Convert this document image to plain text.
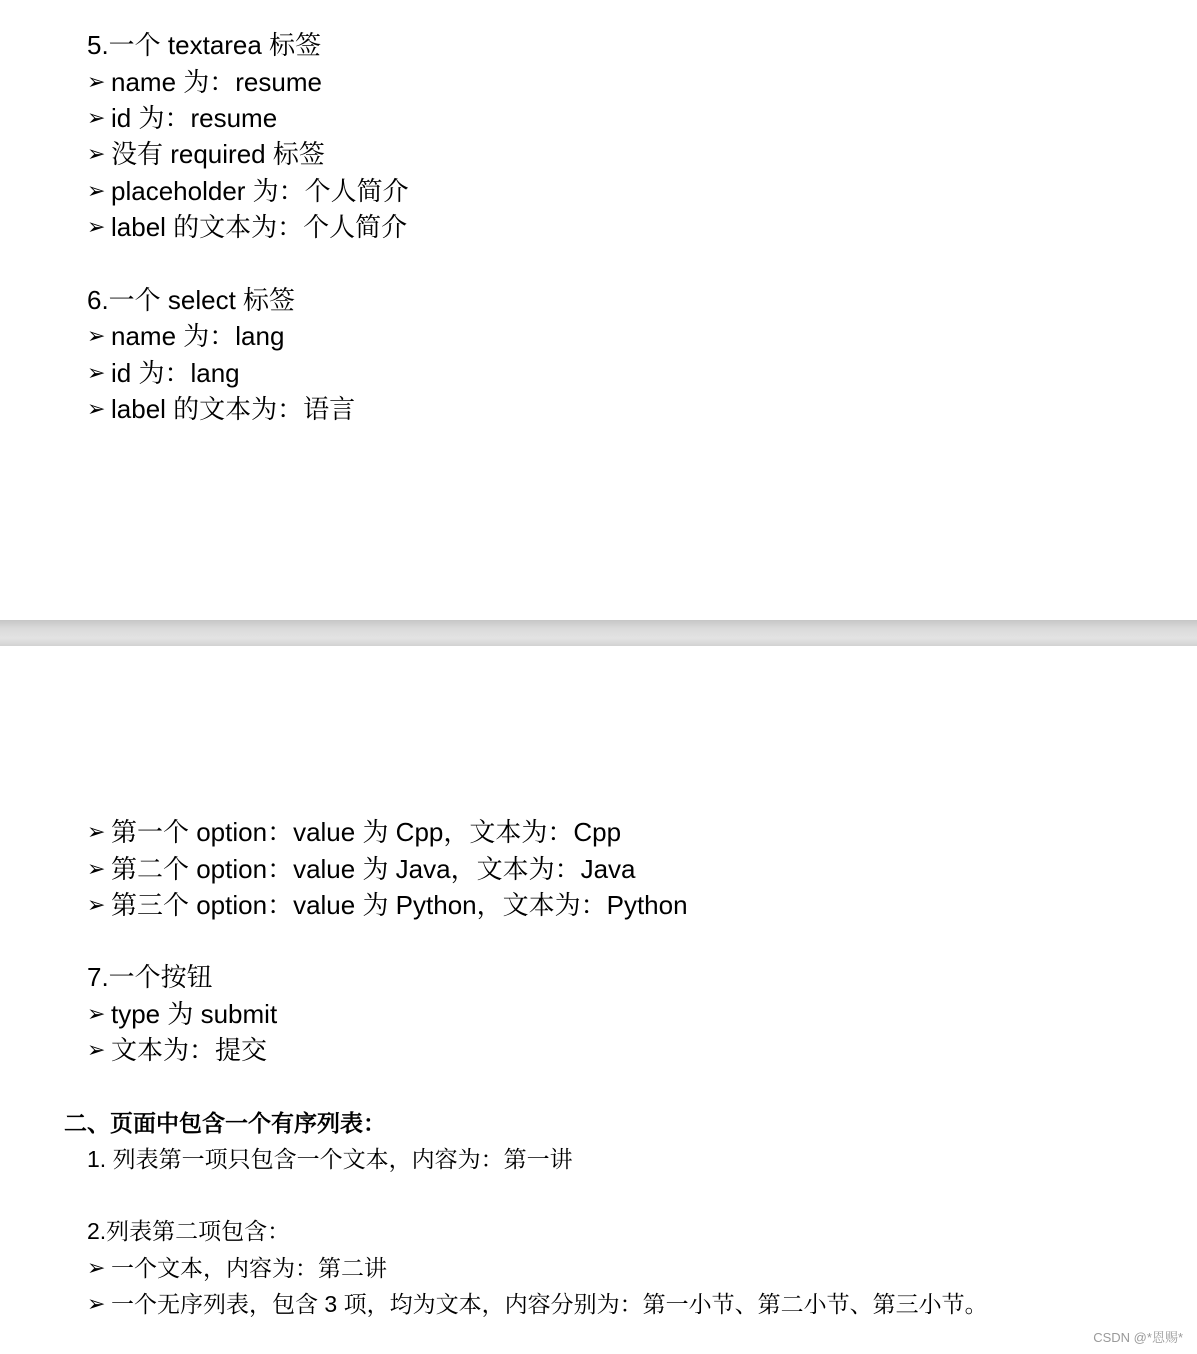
5.一个 textarea 标签
➢ name 为：resume
➢ id 为：resume
➢ 没有 required 标签
➢ placeholder 为：个人简介
➢ label 的文本为：个人简介
6.一个 select 标签
➢ name 为：lang
➢ id 为：lang
➢ label 的文本为：语言
➢ 第一个 option：value 为 Cpp，文本为：Cpp
➢ 第二个 option：value 为 Java，文本为：Java
➢ 第三个 option：value 为 Python，文本为：Python
7.一个按钮
➢ type 为 submit
➢ 文本为：提交
二、页面中包含一个有序列表：
1. 列表第一项只包含一个文本，内容为：第一讲
2.列表第二项包含：
➢ 一个文本，内容为：第二讲
➢ 一个无序列表，包含 3 项，均为文本，内容分别为：第一小节、第二小节、第三小节。
CSDN @*恩赐*
